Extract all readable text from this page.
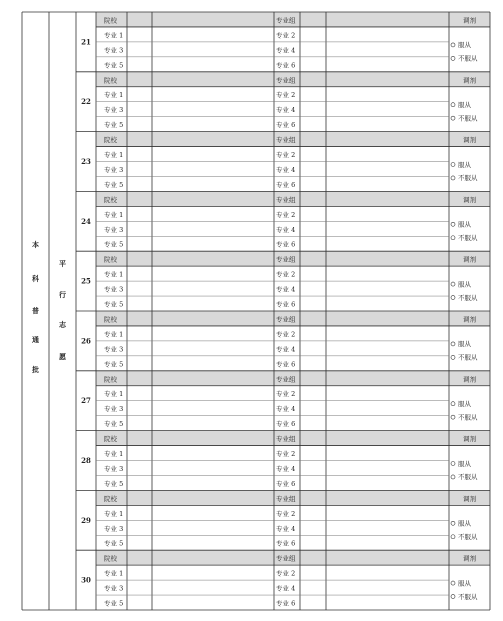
21
院校	专业组	调剂
专业 1	专业 2
专业 3	专业 4
专业 5	专业 6
服从
不服从
22
院校	专业组	调剂
专业 1	专业 2
专业 3	专业 4
专业 5	专业 6
服从
不服从
23
院校	专业组	调剂
专业 1	专业 2
专业 3	专业 4
专业 5	专业 6
服从
不服从
24
院校	专业组	调剂
专业 1	专业 2
专业 3	专业 4
专业 5	专业 6
服从
不服从
25
院校	专业组	调剂
专业 1	专业 2
专业 3	专业 4
专业 5	专业 6
服从
不服从
26
院校	专业组	调剂
专业 1	专业 2
专业 3	专业 4
专业 5	专业 6
服从
不服从
27
院校	专业组	调剂
专业 1	专业 2
专业 3	专业 4
专业 5	专业 6
服从
不服从
28
院校	专业组	调剂
专业 1	专业 2
专业 3	专业 4
专业 5	专业 6
服从
不服从
29
院校	专业组	调剂
专业 1	专业 2
专业 3	专业 4
专业 5	专业 6
服从
不服从
30
院校	专业组	调剂
专业 1	专业 2
专业 3	专业 4
专业 5	专业 6
服从
不服从
本
科
普
通
批
平
行
志
愿
